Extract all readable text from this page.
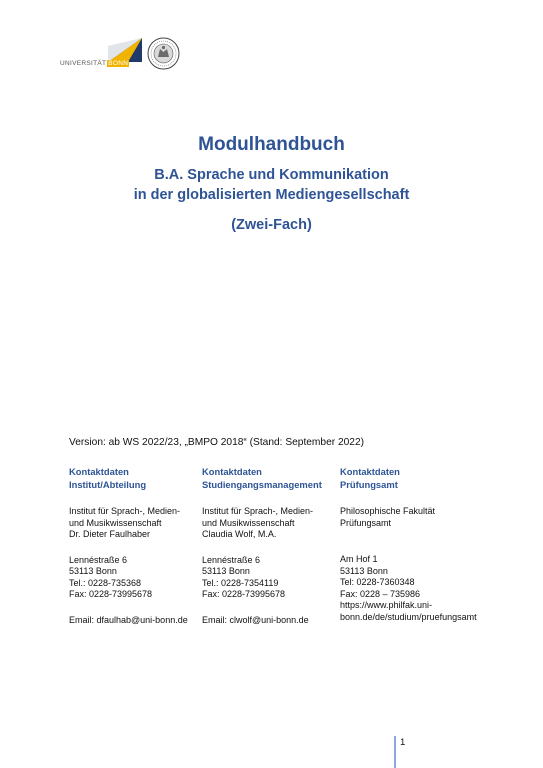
UNIVERSITÄT BONN
Modulhandbuch
B.A. Sprache und Kommunikation
in der globalisierten Mediengesellschaft
(Zwei-Fach)
Version: ab WS 2022/23, „BMPO 2018“ (Stand: September 2022)
Kontaktdaten
Institut/Abteilung
Institut für Sprach-, Medien-
und Musikwissenschaft
Dr. Dieter Faulhaber
Lennéstraße 6
53113 Bonn
Tel.: 0228-735368
Fax: 0228-73995678
Email: dfaulhab@uni-bonn.de
Kontaktdaten
Studiengangsmanagement
Institut für Sprach-, Medien-
und Musikwissenschaft
Claudia Wolf, M.A.
Lennéstraße 6
53113 Bonn
Tel.: 0228-7354119
Fax: 0228-73995678
Email: clwolf@uni-bonn.de
Kontaktdaten
Prüfungsamt
Philosophische Fakultät
Prüfungsamt
Am Hof 1
53113 Bonn
Tel: 0228-7360348
Fax: 0228 – 735986
https://www.philfak.uni-
bonn.de/de/studium/pruefungsamt
1
